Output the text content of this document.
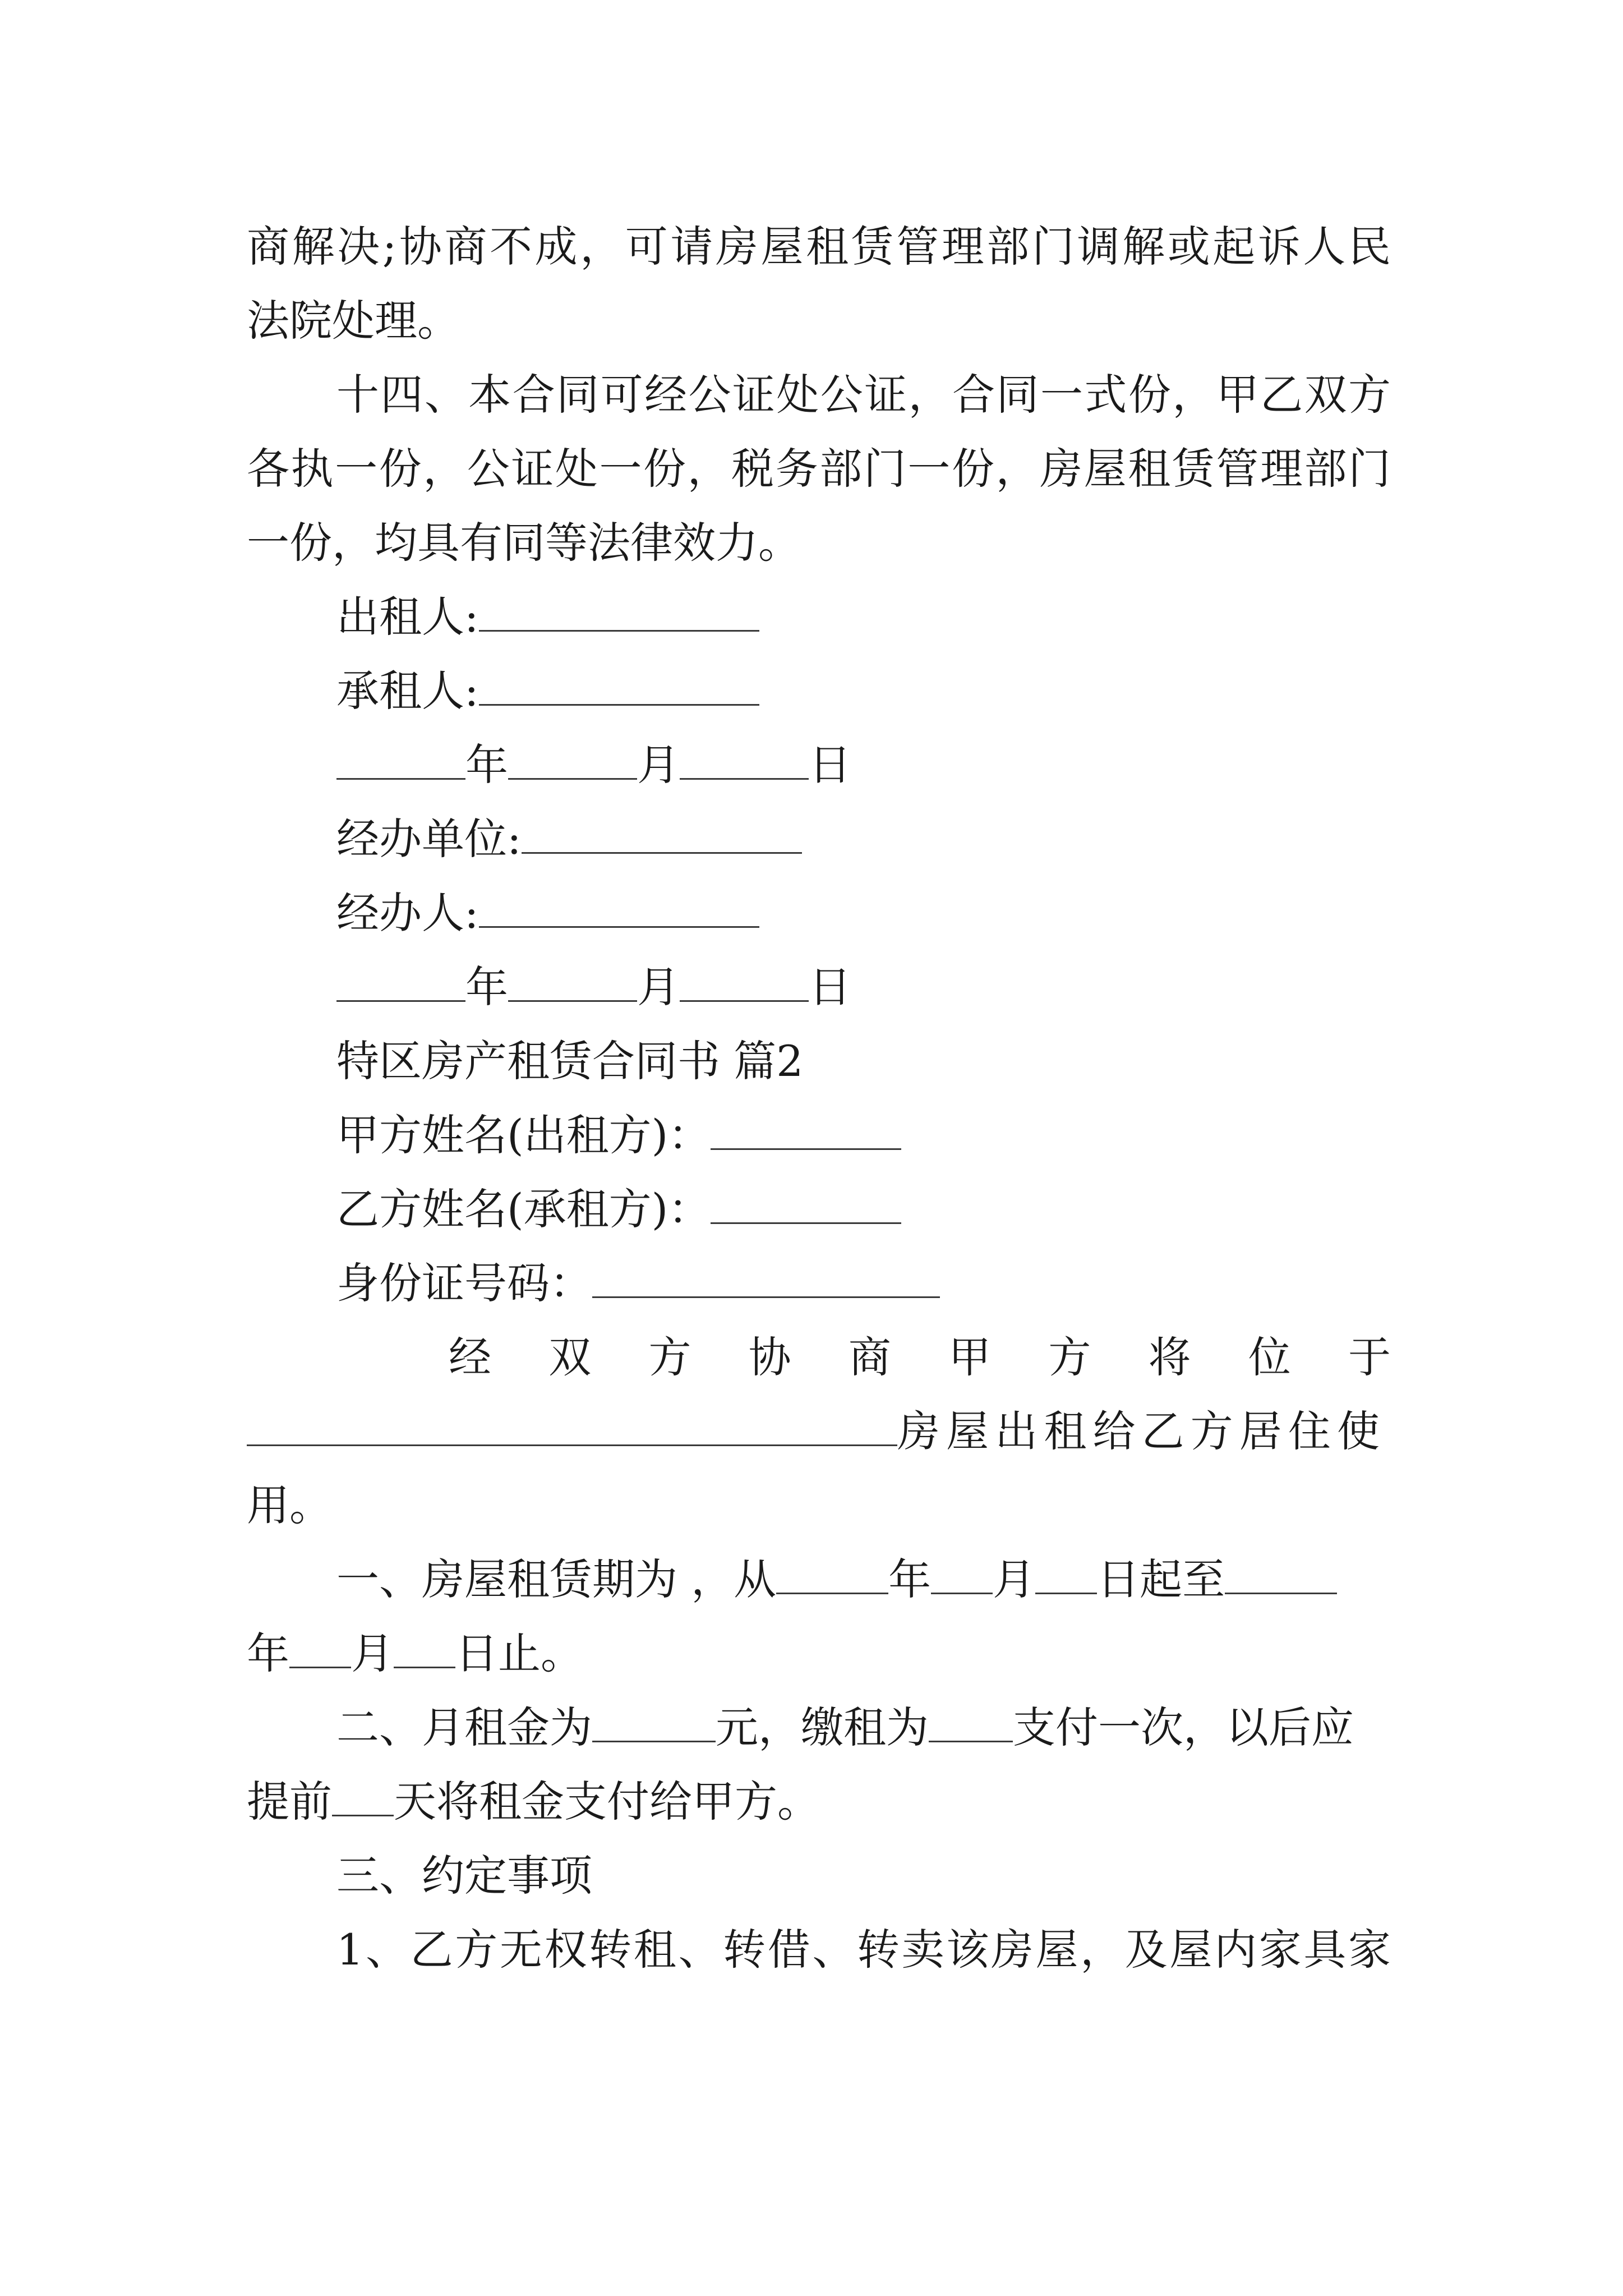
商解决;协商不成，可请房屋租赁管理部门调解或起诉人民
法院处理。
十四、本合同可经公证处公证，合同一式份，甲乙双方
各执一份，公证处一份，税务部门一份，房屋租赁管理部门
一份，均具有同等法律效力。
出租人:
承租人:
年	月	日
经办单位:
经办人:
年	月	日
特区房产租赁合同书 篇2
甲方姓名(出租方)：
乙方姓名(承租方)：
身份证号码：
经 双 方 协 商 甲 方 将 位 于
房屋出租给乙方居住使
用。
一、房屋租赁期为 ，从	年 月 日起至
年 月 日止。
二、月租金为	元，缴租为 支付一次，以后应
提前 天将租金支付给甲方。
三、约定事项
1、乙方无权转租、转借、转卖该房屋，及屋内家具家
